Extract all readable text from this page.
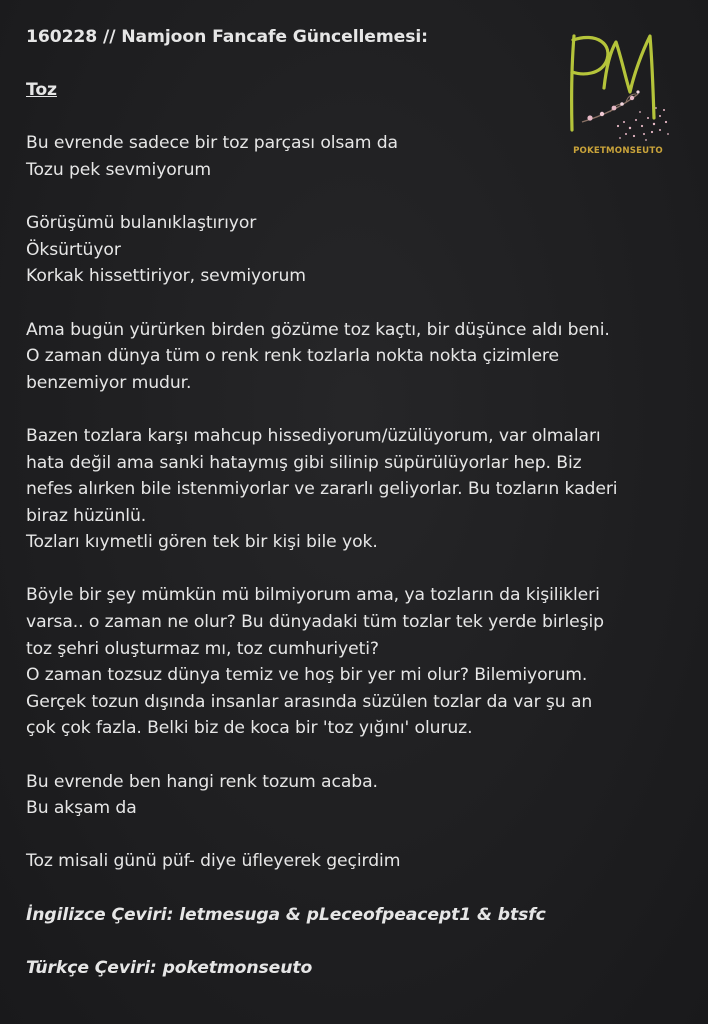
160228 // Namjoon Fancafe Güncellemesi:
Toz
Bu evrende sadece bir toz parçası olsam da
Tozu pek sevmiyorum
Görüşümü bulanıklaştırıyor
Öksürtüyor
Korkak hissettiriyor, sevmiyorum
Ama bugün yürürken birden gözüme toz kaçtı, bir düşünce aldı beni.
O zaman dünya tüm o renk renk tozlarla nokta nokta çizimlere
benzemiyor mudur.
Bazen tozlara karşı mahcup hissediyorum/üzülüyorum, var olmaları
hata değil ama sanki hataymış gibi silinip süpürülüyorlar hep. Biz
nefes alırken bile istenmiyorlar ve zararlı geliyorlar. Bu tozların kaderi
biraz hüzünlü.
Tozları kıymetli gören tek bir kişi bile yok.
Böyle bir şey mümkün mü bilmiyorum ama, ya tozların da kişilikleri
varsa.. o zaman ne olur? Bu dünyadaki tüm tozlar tek yerde birleşip
toz şehri oluşturmaz mı, toz cumhuriyeti?
O zaman tozsuz dünya temiz ve hoş bir yer mi olur? Bilemiyorum.
Gerçek tozun dışında insanlar arasında süzülen tozlar da var şu an
çok çok fazla. Belki biz de koca bir 'toz yığını' oluruz.
Bu evrende ben hangi renk tozum acaba.
Bu akşam da
Toz misali günü püf- diye üfleyerek geçirdim
İngilizce Çeviri: letmesuga & pLeceofpeacept1 & btsfc
Türkçe Çeviri: poketmonseuto
POKETMONSEUTO
